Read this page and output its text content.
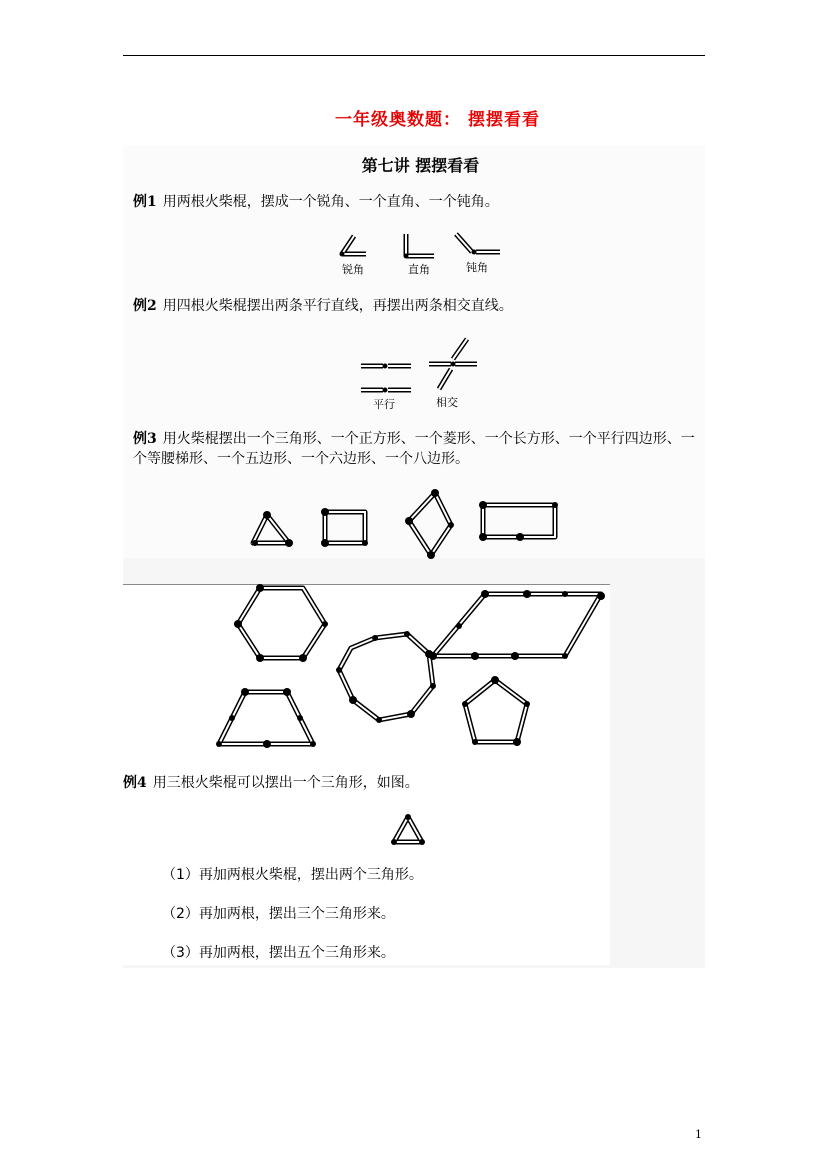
一年级奥数题： 摆摆看看
第七讲 摆摆看看
例1 用两根火柴棍，摆成一个锐角、一个直角、一个钝角。
例2 用四根火柴棍摆出两条平行直线，再摆出两条相交直线。
例3 用火柴棍摆出一个三角形、一个正方形、一个菱形、一个长方形、一个平行四边形、一个等腰梯形、一个五边形、一个六边形、一个八边形。
例4 用三根火柴棍可以摆出一个三角形，如图。
锐角	直角	钝角
平行	相交
（1）再加两根火柴棍，摆出两个三角形。
（2）再加两根，摆出三个三角形来。
（3）再加两根，摆出五个三角形来。
1
